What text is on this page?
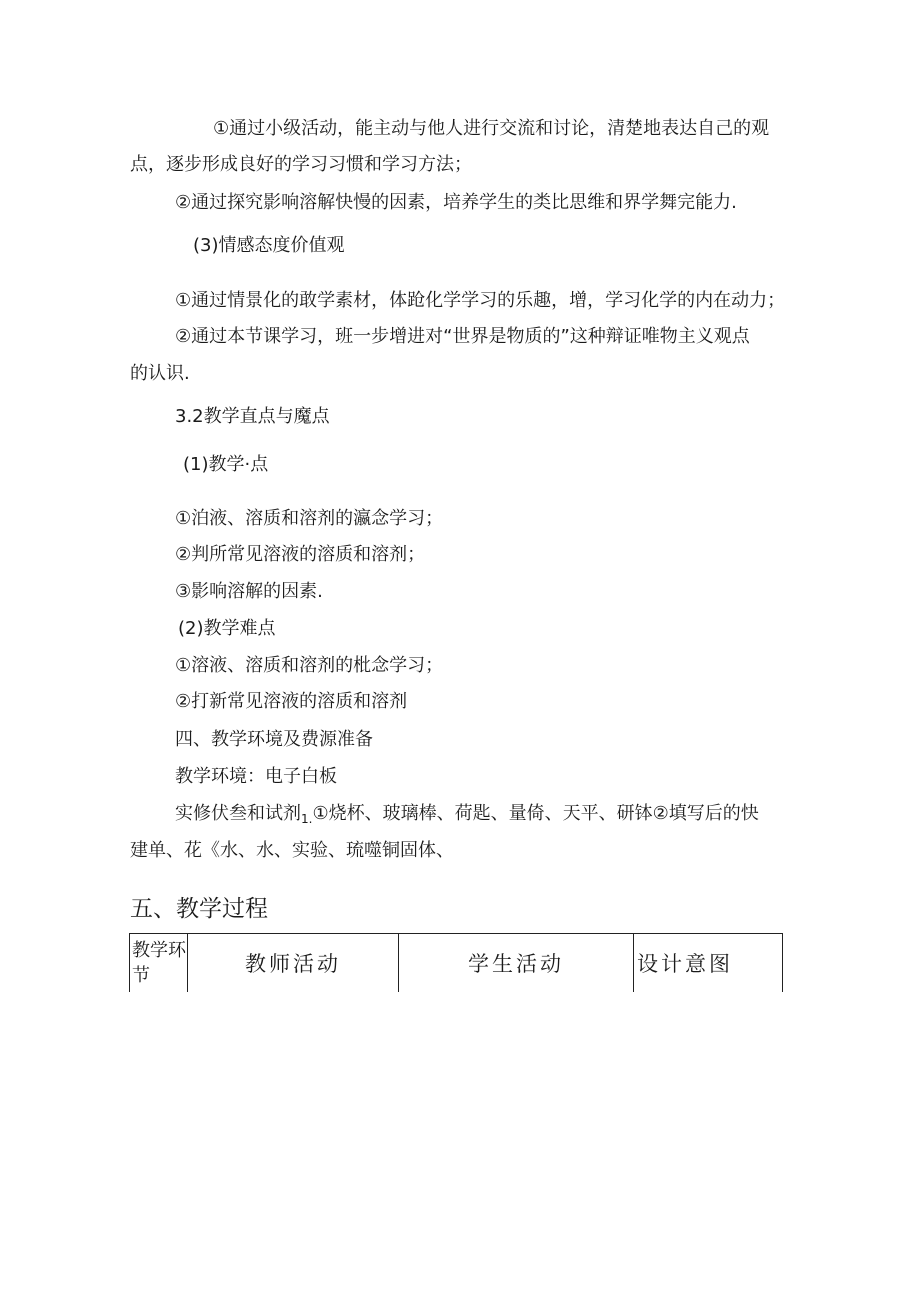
①通过小级活动，能主动与他人进行交流和讨论，清楚地表达自己的观
点，逐步形成良好的学习习惯和学习方法；
②通过探究影响溶解快慢的因素，培养学生的类比思维和界学舞完能力.
(3)情感态度价值观
①通过情景化的敢学素材，体跄化学学习的乐趣，增，学习化学的内在动力；
②通过本节课学习，班一步增进对“世界是物质的”这种辩证唯物主义观点
的认识.
3.2教学直点与魔点
(1)教学·点
①泊液、溶质和溶剂的瀛念学习；
②判所常见溶液的溶质和溶剂；
③影响溶解的因素.
(2)教学难点
①溶液、溶质和溶剂的枇念学习；
②打新常见溶液的溶质和溶剂
四、教学环境及费源准备
教学环境：电子白板
实修伏叁和试剂$_{1.}$①烧杯、玻璃棒、荷匙、量倚、天平、研钵②填写后的快
建单、花《水、水、实验、琉噬铜固体、
五、教学过程
教学环节	教师活动	学生活动	设计意图
